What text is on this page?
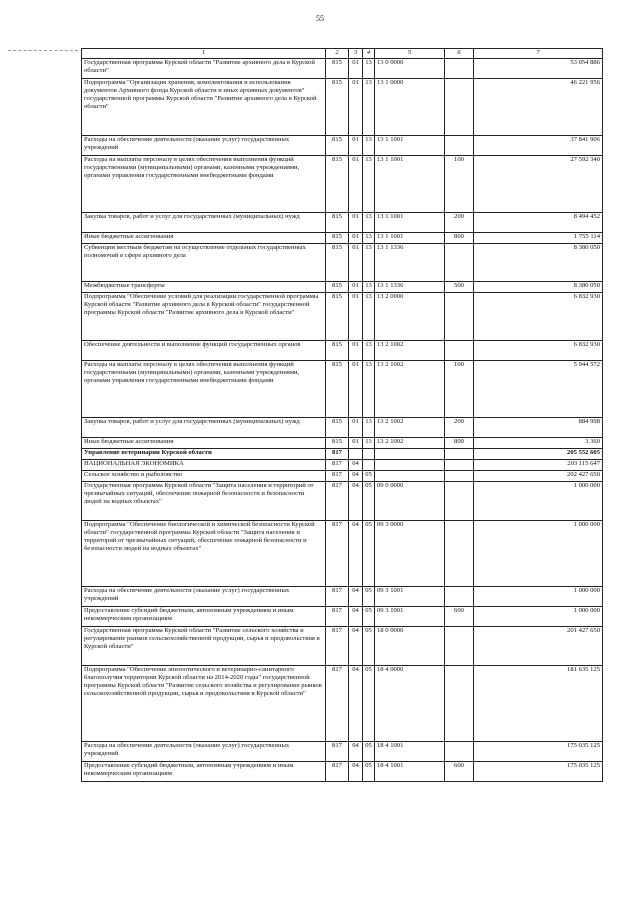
55
1	2	3	4	5	6	7
Государственная программа Курской области "Развитие архивного дела в Курской области"	815	01	13	13 0 0000		53 054 886
Подпрограмма "Организация хранения, комплектования и использования документов Архивного фонда Курской области и иных архивных документов" государственной программы Курской области "Развитие архивного дела в Курской области"	815	01	13	13 1 0000		46 221 956
Расходы на обеспечение деятельности (оказание услуг) государственных учреждений	815	01	13	13 1 1001		37 841 906
Расходы на выплаты персоналу в целях обеспечения выполнения функций государственными (муниципальными) органами, казенными учреждениями, органами управления государственными внебюджетными фондами	815	01	13	13 1 1001	100	27 592 340
Закупка товаров, работ и услуг для государственных (муниципальных) нужд	815	01	13	13 1 1001	200	8 494 452
Иные бюджетные ассигнования	815	01	13	13 1 1001	800	1 755 114
Субвенции местным бюджетам на осуществление отдельных государственных полномочий в сфере архивного дела	815	01	13	13 1 1336		8 380 050
Межбюджетные трансферты	815	01	13	13 1 1336	500	8 380 050
Подпрограмма "Обеспечение условий для реализации государственной программы Курской области "Развитие архивного дела в Курской области" государственной программы Курской области "Развитие архивного дела в Курской области"	815	01	13	13 2 0000		6 832 930
Обеспечение деятельности и выполнение функций государственных органов	815	01	13	13 2 1002		6 832 930
Расходы на выплаты персоналу в целях обеспечения выполнения функций государственными (муниципальными) органами, казенными учреждениями, органами управления государственными внебюджетными фондами	815	01	13	13 2 1002	100	5 944 572
Закупка товаров, работ и услуг для государственных (муниципальных) нужд	815	01	13	13 2 1002	200	884 998
Иные бюджетные ассигнования	815	01	13	13 2 1002	800	3 360
Управление ветеринарии Курской области	817					205 552 605
НАЦИОНАЛЬНАЯ ЭКОНОМИКА	817	04				203 115 647
Сельское хозяйство и рыболовство	817	04	05			202 427 650
Государственная программа Курской области "Защита населения и территорий от чрезвычайных ситуаций, обеспечение пожарной безопасности и безопасности людей на водных объектах"	817	04	05	09 0 0000		1 000 000
Подпрограмма "Обеспечение биологической и химической безопасности Курской области" государственной программы Курской области "Защита населения и территорий от чрезвычайных ситуаций, обеспечение пожарной безопасности и безопасности людей на водных объектах"	817	04	05	09 3 0000		1 000 000
Расходы на обеспечение деятельности (оказание услуг) государственных учреждений	817	04	05	09 3 1001		1 000 000
Предоставление субсидий бюджетным, автономным учреждениям и иным некоммерческим организациям	817	04	05	09 3 1001	600	1 000 000
Государственная программа Курской области "Развитие сельского хозяйства и регулирование рынков сельскохозяйственной продукции, сырья и продовольствия в Курской области"	817	04	05	18 0 0000		201 427 650
Подпрограмма "Обеспечение эпизоотического и ветеринарно-санитарного благополучия территории Курской области на 2014-2020 годы" государственной программы Курской области "Развитие сельского хозяйства и регулирование рынков сельскохозяйственной продукции, сырья и продовольствия в Курской области"	817	04	05	18 4 0000		181 635 125
Расходы на обеспечение деятельности (оказание услуг) государственных учреждений	817	04	05	18 4 1001		175 035 125
Предоставление субсидий бюджетным, автономным учреждениям и иным некоммерческим организациям	817	04	05	18 4 1001	600	175 035 125
